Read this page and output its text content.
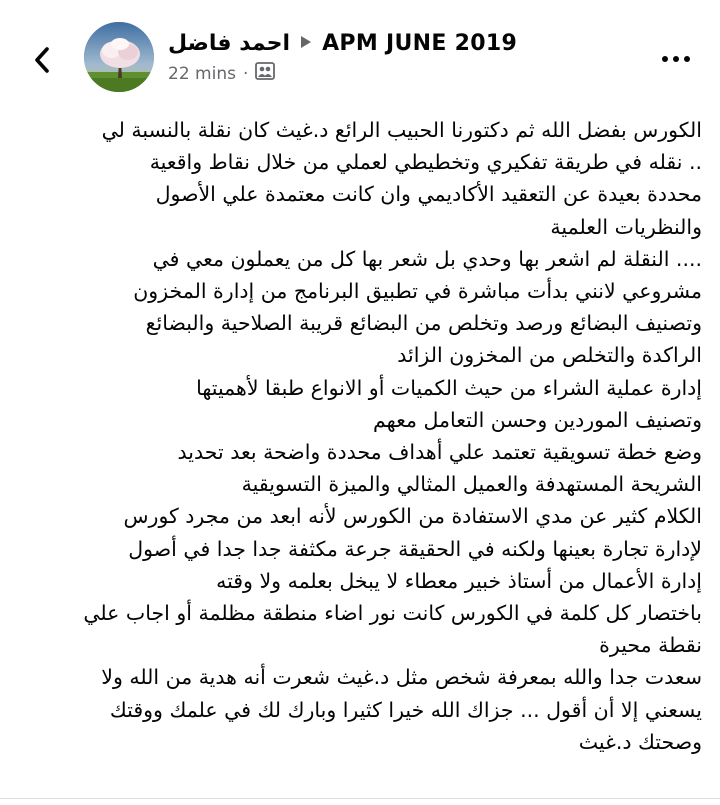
احمد فاضل APM JUNE 2019
22 mins ·

الكورس بفضل الله ثم دكتورنا الحبيب الرائع د.غيث كان نقلة بالنسبة لي

.. نقله في طريقة تفكيري وتخطيطي لعملي من خلال نقاط واقعية

محددة بعيدة عن التعقيد الأكاديمي وان كانت معتمدة علي الأصول

والنظريات العلمية

.... النقلة لم اشعر بها وحدي بل شعر بها كل من يعملون معي في

مشروعي لانني بدأت مباشرة في تطبيق البرنامج من إدارة المخزون

وتصنيف البضائع ورصد وتخلص من البضائع قريبة الصلاحية والبضائع

الراكدة والتخلص من المخزون الزائد

إدارة عملية الشراء من حيث الكميات أو الانواع طبقا لأهميتها

وتصنيف الموردين وحسن التعامل معهم

وضع خطة تسويقية تعتمد علي أهداف محددة واضحة بعد تحديد

الشريحة المستهدفة والعميل المثالي والميزة التسويقية

الكلام كثير عن مدي الاستفادة من الكورس لأنه ابعد من مجرد كورس

لإدارة تجارة بعينها ولكنه في الحقيقة جرعة مكثفة جدا جدا في أصول

إدارة الأعمال من أستاذ خبير معطاء لا يبخل بعلمه ولا وقته

باختصار كل كلمة في الكورس كانت نور اضاء منطقة مظلمة أو اجاب علي

نقطة محيرة

سعدت جدا والله بمعرفة شخص مثل د.غيث شعرت أنه هدية من الله ولا

يسعني إلا أن أقول ... جزاك الله خيرا كثيرا وبارك لك في علمك ووقتك

وصحتك د.غيث
